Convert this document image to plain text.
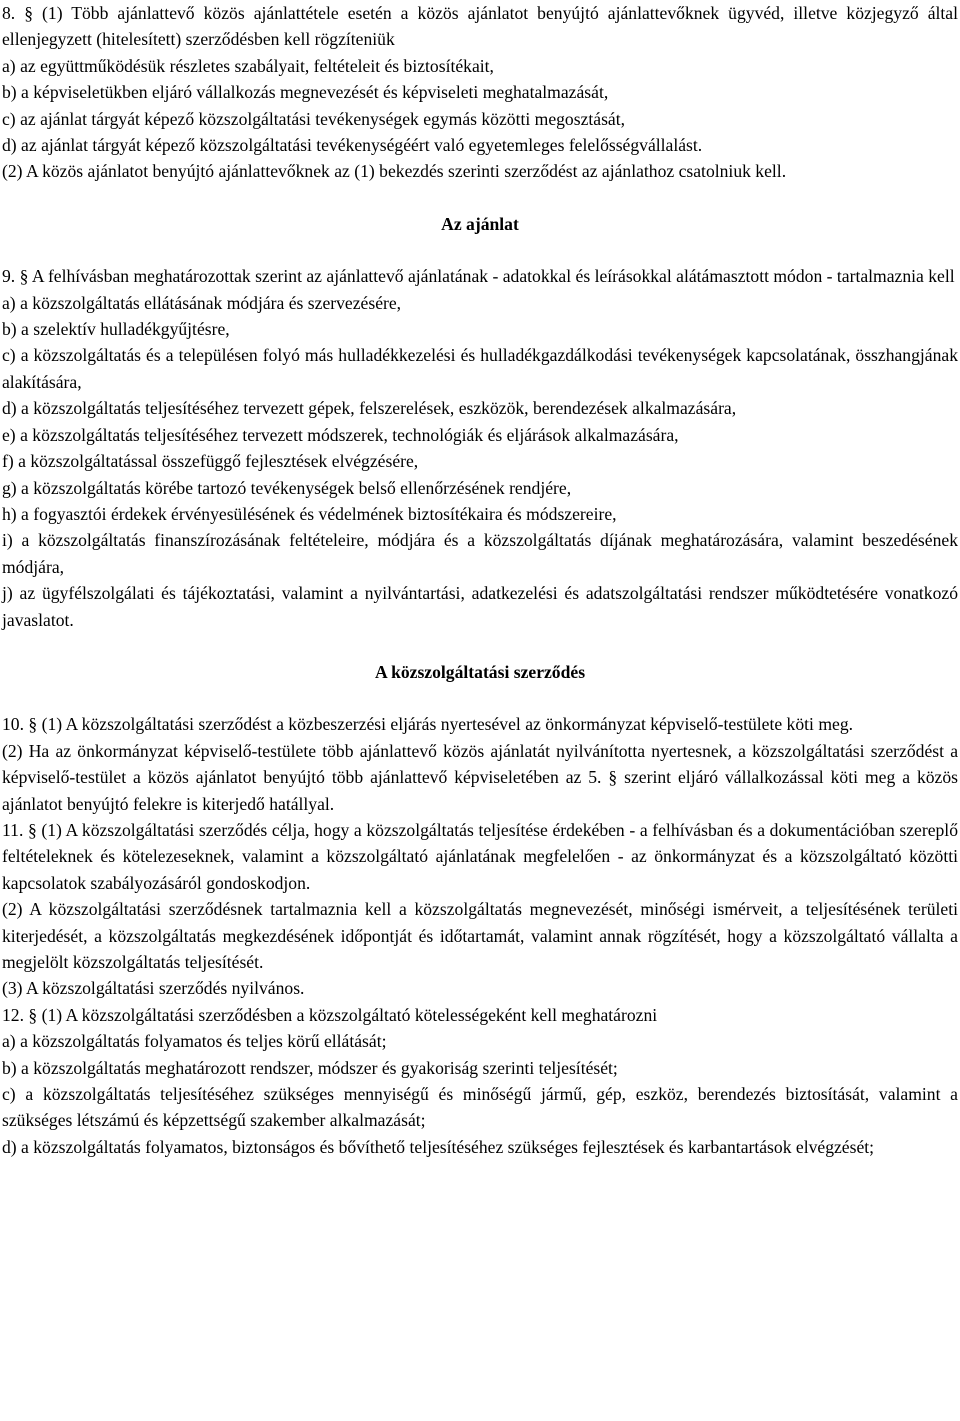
8. § (1) Több ajánlattevő közös ajánlattétele esetén a közös ajánlatot benyújtó ajánlattevőknek ügyvéd, illetve közjegyző által ellenjegyzett (hitelesített) szerződésben kell rögzíteniük

a) az együttműködésük részletes szabályait, feltételeit és biztosítékait,

b) a képviseletükben eljáró vállalkozás megnevezését és képviseleti meghatalmazását,

c) az ajánlat tárgyát képező közszolgáltatási tevékenységek egymás közötti megosztását,

d) az ajánlat tárgyát képező közszolgáltatási tevékenységéért való egyetemleges felelősségvállalást.

(2) A közös ajánlatot benyújtó ajánlattevőknek az (1) bekezdés szerinti szerződést az ajánlathoz csatolniuk kell.

Az ajánlat

9. § A felhívásban meghatározottak szerint az ajánlattevő ajánlatának - adatokkal és leírásokkal alátámasztott módon - tartalmaznia kell

a) a közszolgáltatás ellátásának módjára és szervezésére,

b) a szelektív hulladékgyűjtésre,

c) a közszolgáltatás és a településen folyó más hulladékkezelési és hulladékgazdálkodási tevékenységek kapcsolatának, összhangjának alakítására,

d) a közszolgáltatás teljesítéséhez tervezett gépek, felszerelések, eszközök, berendezések alkalmazására,

e) a közszolgáltatás teljesítéséhez tervezett módszerek, technológiák és eljárások alkalmazására,

f) a közszolgáltatással összefüggő fejlesztések elvégzésére,

g) a közszolgáltatás körébe tartozó tevékenységek belső ellenőrzésének rendjére,

h) a fogyasztói érdekek érvényesülésének és védelmének biztosítékaira és módszereire,

i) a közszolgáltatás finanszírozásának feltételeire, módjára és a közszolgáltatás díjának meghatározására, valamint beszedésének módjára,

j) az ügyfélszolgálati és tájékoztatási, valamint a nyilvántartási, adatkezelési és adatszolgáltatási rendszer működtetésére vonatkozó javaslatot.

A közszolgáltatási szerződés

10. § (1) A közszolgáltatási szerződést a közbeszerzési eljárás nyertesével az önkormányzat képviselő-testülete köti meg.

(2) Ha az önkormányzat képviselő-testülete több ajánlattevő közös ajánlatát nyilvánította nyertesnek, a közszolgáltatási szerződést a képviselő-testület a közös ajánlatot benyújtó több ajánlattevő képviseletében az 5. § szerint eljáró vállalkozással köti meg a közös ajánlatot benyújtó felekre is kiterjedő hatállyal.

11. § (1) A közszolgáltatási szerződés célja, hogy a közszolgáltatás teljesítése érdekében - a felhívásban és a dokumentációban szereplő feltételeknek és kötelezeseknek, valamint a közszolgáltató ajánlatának megfelelően - az önkormányzat és a közszolgáltató közötti kapcsolatok szabályozásáról gondoskodjon.

(2) A közszolgáltatási szerződésnek tartalmaznia kell a közszolgáltatás megnevezését, minőségi ismérveit, a teljesítésének területi kiterjedését, a közszolgáltatás megkezdésének időpontját és időtartamát, valamint annak rögzítését, hogy a közszolgáltató vállalta a megjelölt közszolgáltatás teljesítését.

(3) A közszolgáltatási szerződés nyilvános.

12. § (1) A közszolgáltatási szerződésben a közszolgáltató kötelességeként kell meghatározni

a) a közszolgáltatás folyamatos és teljes körű ellátását;

b) a közszolgáltatás meghatározott rendszer, módszer és gyakoriság szerinti teljesítését;

c) a közszolgáltatás teljesítéséhez szükséges mennyiségű és minőségű jármű, gép, eszköz, berendezés biztosítását, valamint a szükséges létszámú és képzettségű szakember alkalmazását;

d) a közszolgáltatás folyamatos, biztonságos és bővíthető teljesítéséhez szükséges fejlesztések és karbantartások elvégzését;
